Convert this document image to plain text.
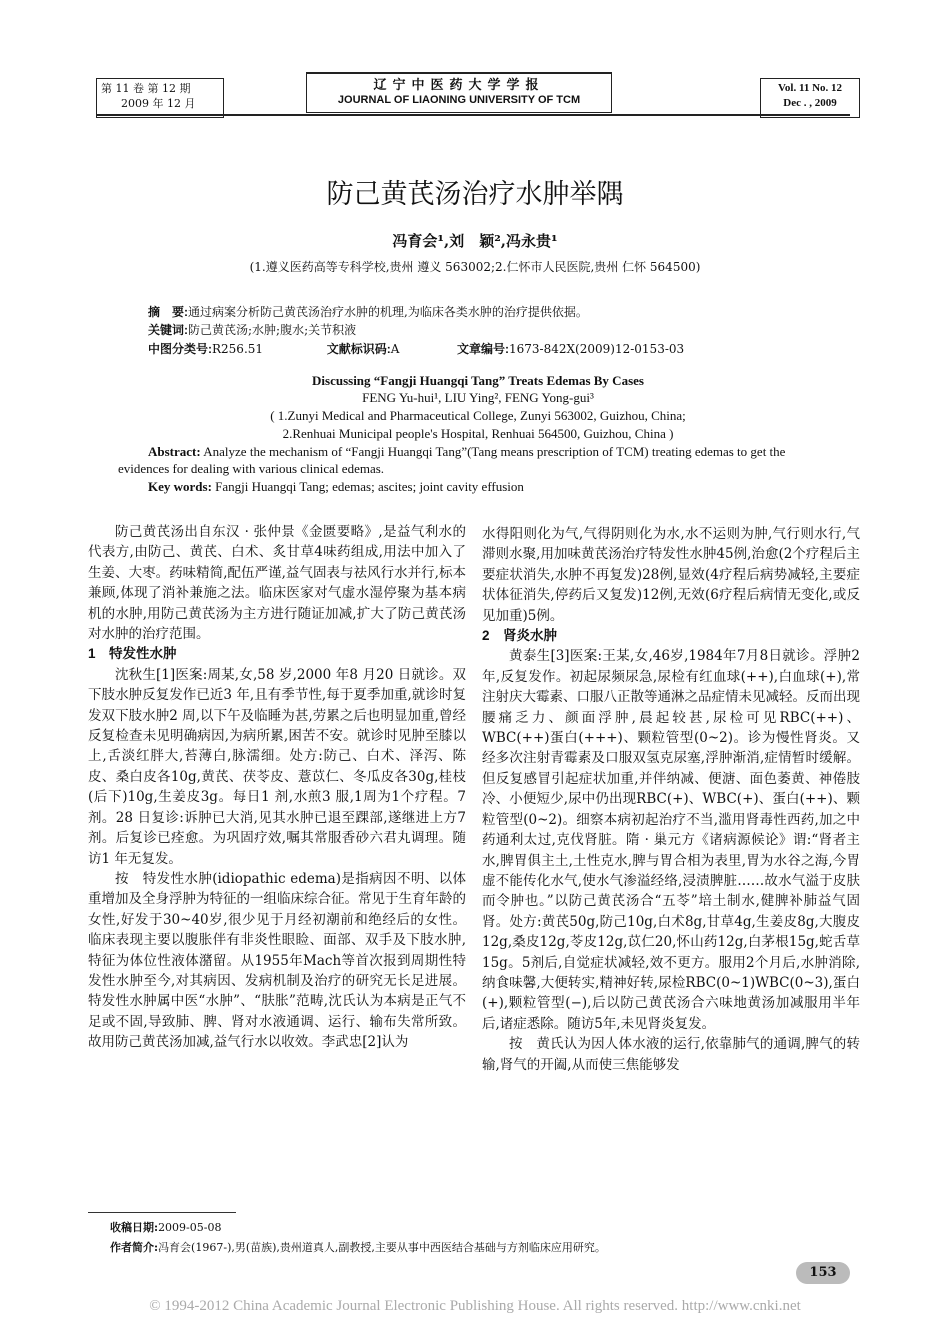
第 11 卷 第 12 期
2009 年 12 月
辽宁中医药大学学报
JOURNAL OF LIAONING UNIVERSITY OF TCM
Vol. 11 No. 12
Dec . , 2009
防己黄芪汤治疗水肿举隅
冯育会¹,刘　颖²,冯永贵¹
(1.遵义医药高等专科学校,贵州 遵义 563002;2.仁怀市人民医院,贵州 仁怀 564500)
摘　要:通过病案分析防己黄芪汤治疗水肿的机理,为临床各类水肿的治疗提供依据。
关键词:防己黄芪汤;水肿;腹水;关节积液
中图分类号:R256.51	文献标识码:A	文章编号:1673-842X(2009)12-0153-03
Discussing “Fangji Huangqi Tang” Treats Edemas By Cases
FENG Yu-hui¹, LIU Ying², FENG Yong-gui³
( 1.Zunyi Medical and Pharmaceutical College, Zunyi 563002, Guizhou, China;
2.Renhuai Municipal people's Hospital, Renhuai 564500, Guizhou, China )
Abstract: Analyze the mechanism of “Fangji Huangqi Tang”(Tang means prescription of TCM) treating edemas to get the evidences for dealing with various clinical edemas.
Key words: Fangji Huangqi Tang; edemas; ascites; joint cavity effusion

防己黄芪汤出自东汉 · 张仲景《金匮要略》,是益气利水的代表方,由防己、黄芪、白术、炙甘草4味药组成,用法中加入了生姜、大枣。药味精简,配伍严谨,益气固表与祛风行水并行,标本兼顾,体现了消补兼施之法。临床医家对气虚水湿停聚为基本病机的水肿,用防己黄芪汤为主方进行随证加减,扩大了防己黄芪汤对水肿的治疗范围。

1　特发性水肿

沈秋生[1]医案:周某,女,58 岁,2000 年8 月20 日就诊。双下肢水肿反复发作已近3 年,且有季节性,每于夏季加重,就诊时复发双下肢水肿2 周,以下午及临睡为甚,劳累之后也明显加重,曾经反复检查未见明确病因,为病所累,困苦不安。就诊时见肿至膝以上,舌淡红胖大,苔薄白,脉濡细。处方:防己、白术、泽泻、陈皮、桑白皮各10g,黄芪、茯苓皮、薏苡仁、冬瓜皮各30g,桂枝(后下)10g,生姜皮3g。每日1 剂,水煎3 服,1周为1个疗程。7 剂。28 日复诊:诉肿已大消,见其水肿已退至踝部,遂继进上方7 剂。后复诊已痊愈。为巩固疗效,嘱其常服香砂六君丸调理。随访1 年无复发。

按　特发性水肿(idiopathic edema)是指病因不明、以体重增加及全身浮肿为特征的一组临床综合征。常见于生育年龄的女性,好发于30~40岁,很少见于月经初潮前和绝经后的女性。临床表现主要以腹胀伴有非炎性眼睑、面部、双手及下肢水肿,特征为体位性液体潴留。从1955年Mach等首次报到周期性特发性水肿至今,对其病因、发病机制及治疗的研究无长足进展。特发性水肿属中医“水肿”、“肤胀”范畴,沈氏认为本病是正气不足或不固,导致肺、脾、肾对水液通调、运行、输布失常所致。故用防己黄芪汤加减,益气行水以收效。李武忠[2]认为

水得阳则化为气,气得阴则化为水,水不运则为肿,气行则水行,气滞则水聚,用加味黄芪汤治疗特发性水肿45例,治愈(2个疗程后主要症状消失,水肿不再复发)28例,显效(4疗程后病势减轻,主要症状体征消失,停药后又复发)12例,无效(6疗程后病情无变化,或反见加重)5例。

2　肾炎水肿

黄泰生[3]医案:王某,女,46岁,1984年7月8日就诊。浮肿2年,反复发作。初起尿频尿急,尿检有红血球(++),白血球(+),常注射庆大霉素、口服八正散等通淋之品症情未见减轻。反而出现腰痛乏力、颜面浮肿,晨起较甚,尿检可见RBC(++)、WBC(++)蛋白(+++)、颗粒管型(0~2)。诊为慢性肾炎。又经多次注射青霉素及口服双氢克尿塞,浮肿渐消,症情暂时缓解。但反复感冒引起症状加重,并伴纳减、便溏、面色萎黄、神倦肢冷、小便短少,尿中仍出现RBC(+)、WBC(+)、蛋白(++)、颗粒管型(0~2)。细察本病初起治疗不当,滥用肾毒性西药,加之中药通利太过,克伐肾脏。隋 · 巢元方《诸病源候论》谓:“肾者主水,脾胃俱主土,土性克水,脾与胃合相为表里,胃为水谷之海,今胃虚不能传化水气,使水气渗溢经络,浸渍脾脏……故水气溢于皮肤而令肿也。”以防己黄芪汤合“五苓”培土制水,健脾补肺益气固肾。处方:黄芪50g,防己10g,白术8g,甘草4g,生姜皮8g,大腹皮12g,桑皮12g,苓皮12g,苡仁20,怀山药12g,白茅根15g,蛇舌草15g。5剂后,自觉症状减轻,效不更方。服用2个月后,水肿消除,纳食味馨,大便转实,精神好转,尿检RBC(0~1)WBC(0~3),蛋白(+),颗粒管型(−),后以防己黄芪汤合六味地黄汤加减服用半年后,诸症悉除。随访5年,未见肾炎复发。

按　黄氏认为因人体水液的运行,依靠肺气的通调,脾气的转输,肾气的开阖,从而使三焦能够发

收稿日期:2009-05-08
作者简介:冯育会(1967-),男(苗族),贵州道真人,副教授,主要从事中西医结合基础与方剂临床应用研究。
153
© 1994-2012 China Academic Journal Electronic Publishing House. All rights reserved. http://www.cnki.net
